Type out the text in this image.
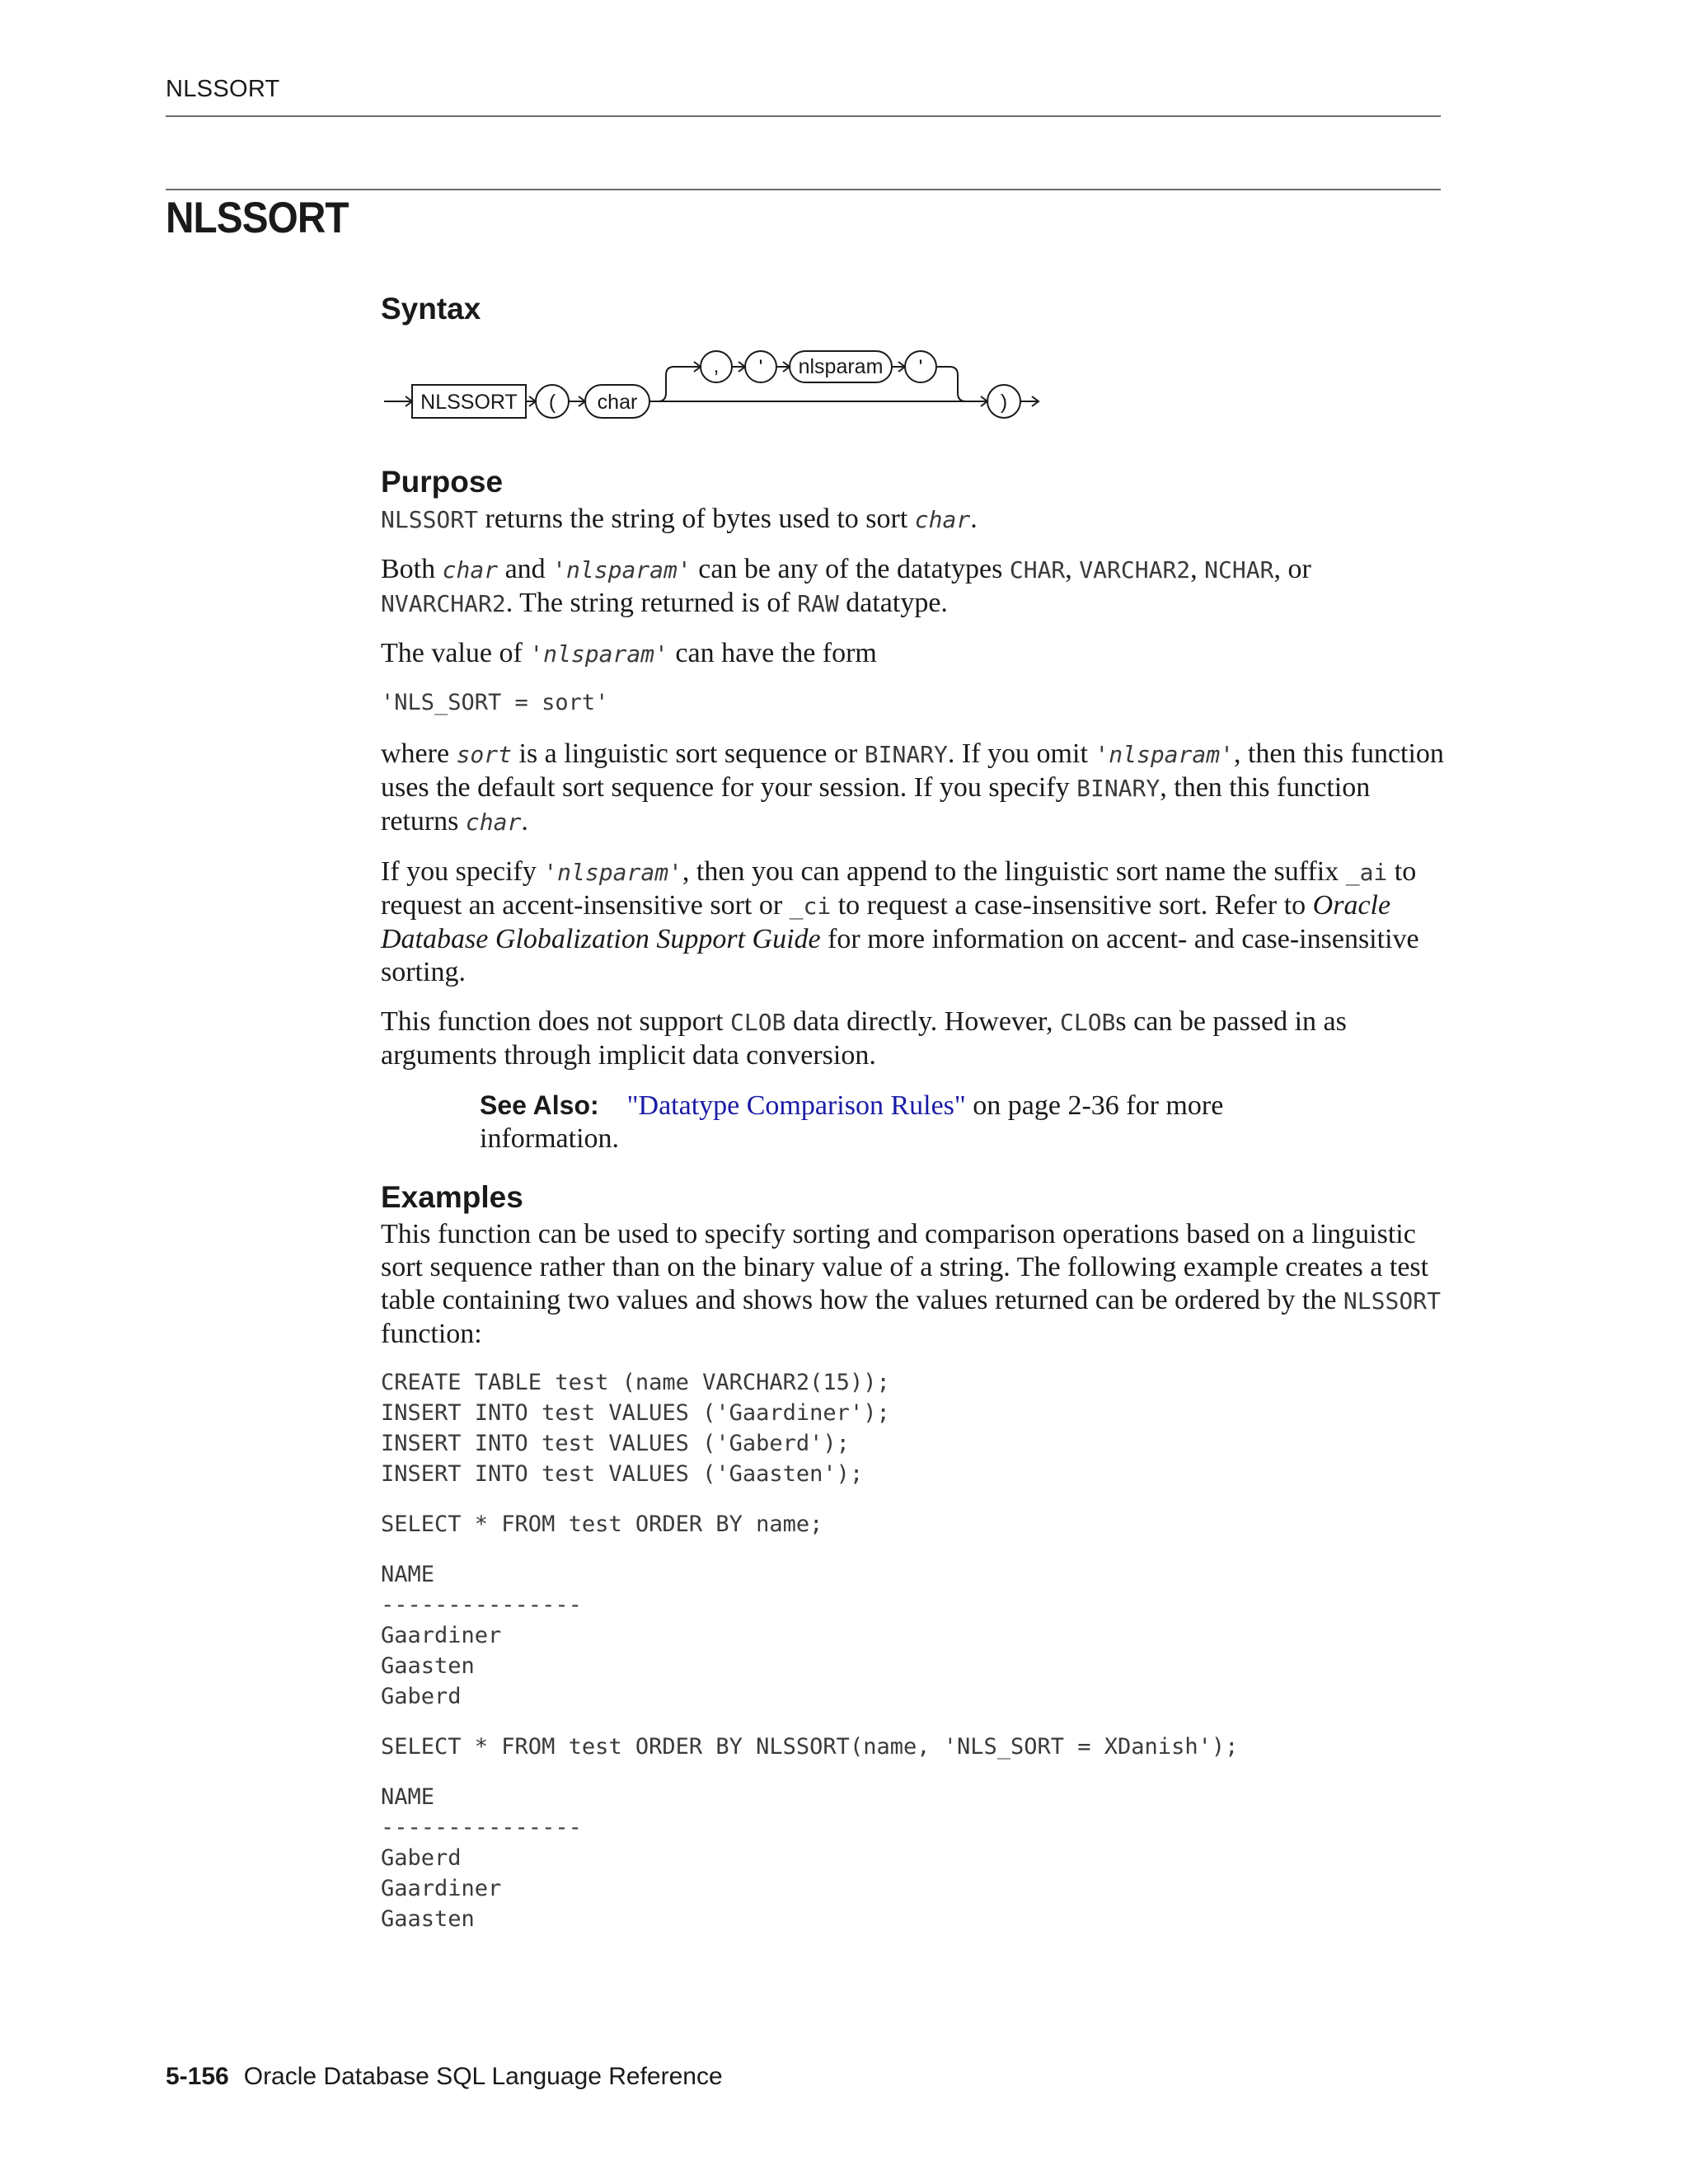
NLSSORT
NLSSORT
Syntax
NLSSORT ( char
, ' nlsparam '
)
Purpose

NLSSORT returns the string of bytes used to sort char.

Both char and 'nlsparam' can be any of the datatypes CHAR, VARCHAR2, NCHAR, or NVARCHAR2. The string returned is of RAW datatype.

The value of 'nlsparam' can have the form

'NLS_SORT = sort'

where sort is a linguistic sort sequence or BINARY. If you omit 'nlsparam', then this function uses the default sort sequence for your session. If you specify BINARY, then this function returns char.

If you specify 'nlsparam', then you can append to the linguistic sort name the suffix _ai to request an accent-insensitive sort or _ci to request a case-insensitive sort. Refer to Oracle Database Globalization Support Guide for more information on accent- and case-insensitive sorting.

This function does not support CLOB data directly. However, CLOBs can be passed in as arguments through implicit data conversion.

See Also: "Datatype Comparison Rules" on page 2-36 for more information.
Examples

This function can be used to specify sorting and comparison operations based on a linguistic sort sequence rather than on the binary value of a string. The following example creates a test table containing two values and shows how the values returned can be ordered by the NLSSORT function:

CREATE TABLE test (name VARCHAR2(15));
INSERT INTO test VALUES ('Gaardiner');
INSERT INTO test VALUES ('Gaberd');
INSERT INTO test VALUES ('Gaasten');
SELECT * FROM test ORDER BY name;
NAME
---------------
Gaardiner
Gaasten
Gaberd
SELECT * FROM test ORDER BY NLSSORT(name, 'NLS_SORT = XDanish');
NAME
---------------
Gaberd
Gaardiner
Gaasten
5-156 Oracle Database SQL Language Reference
